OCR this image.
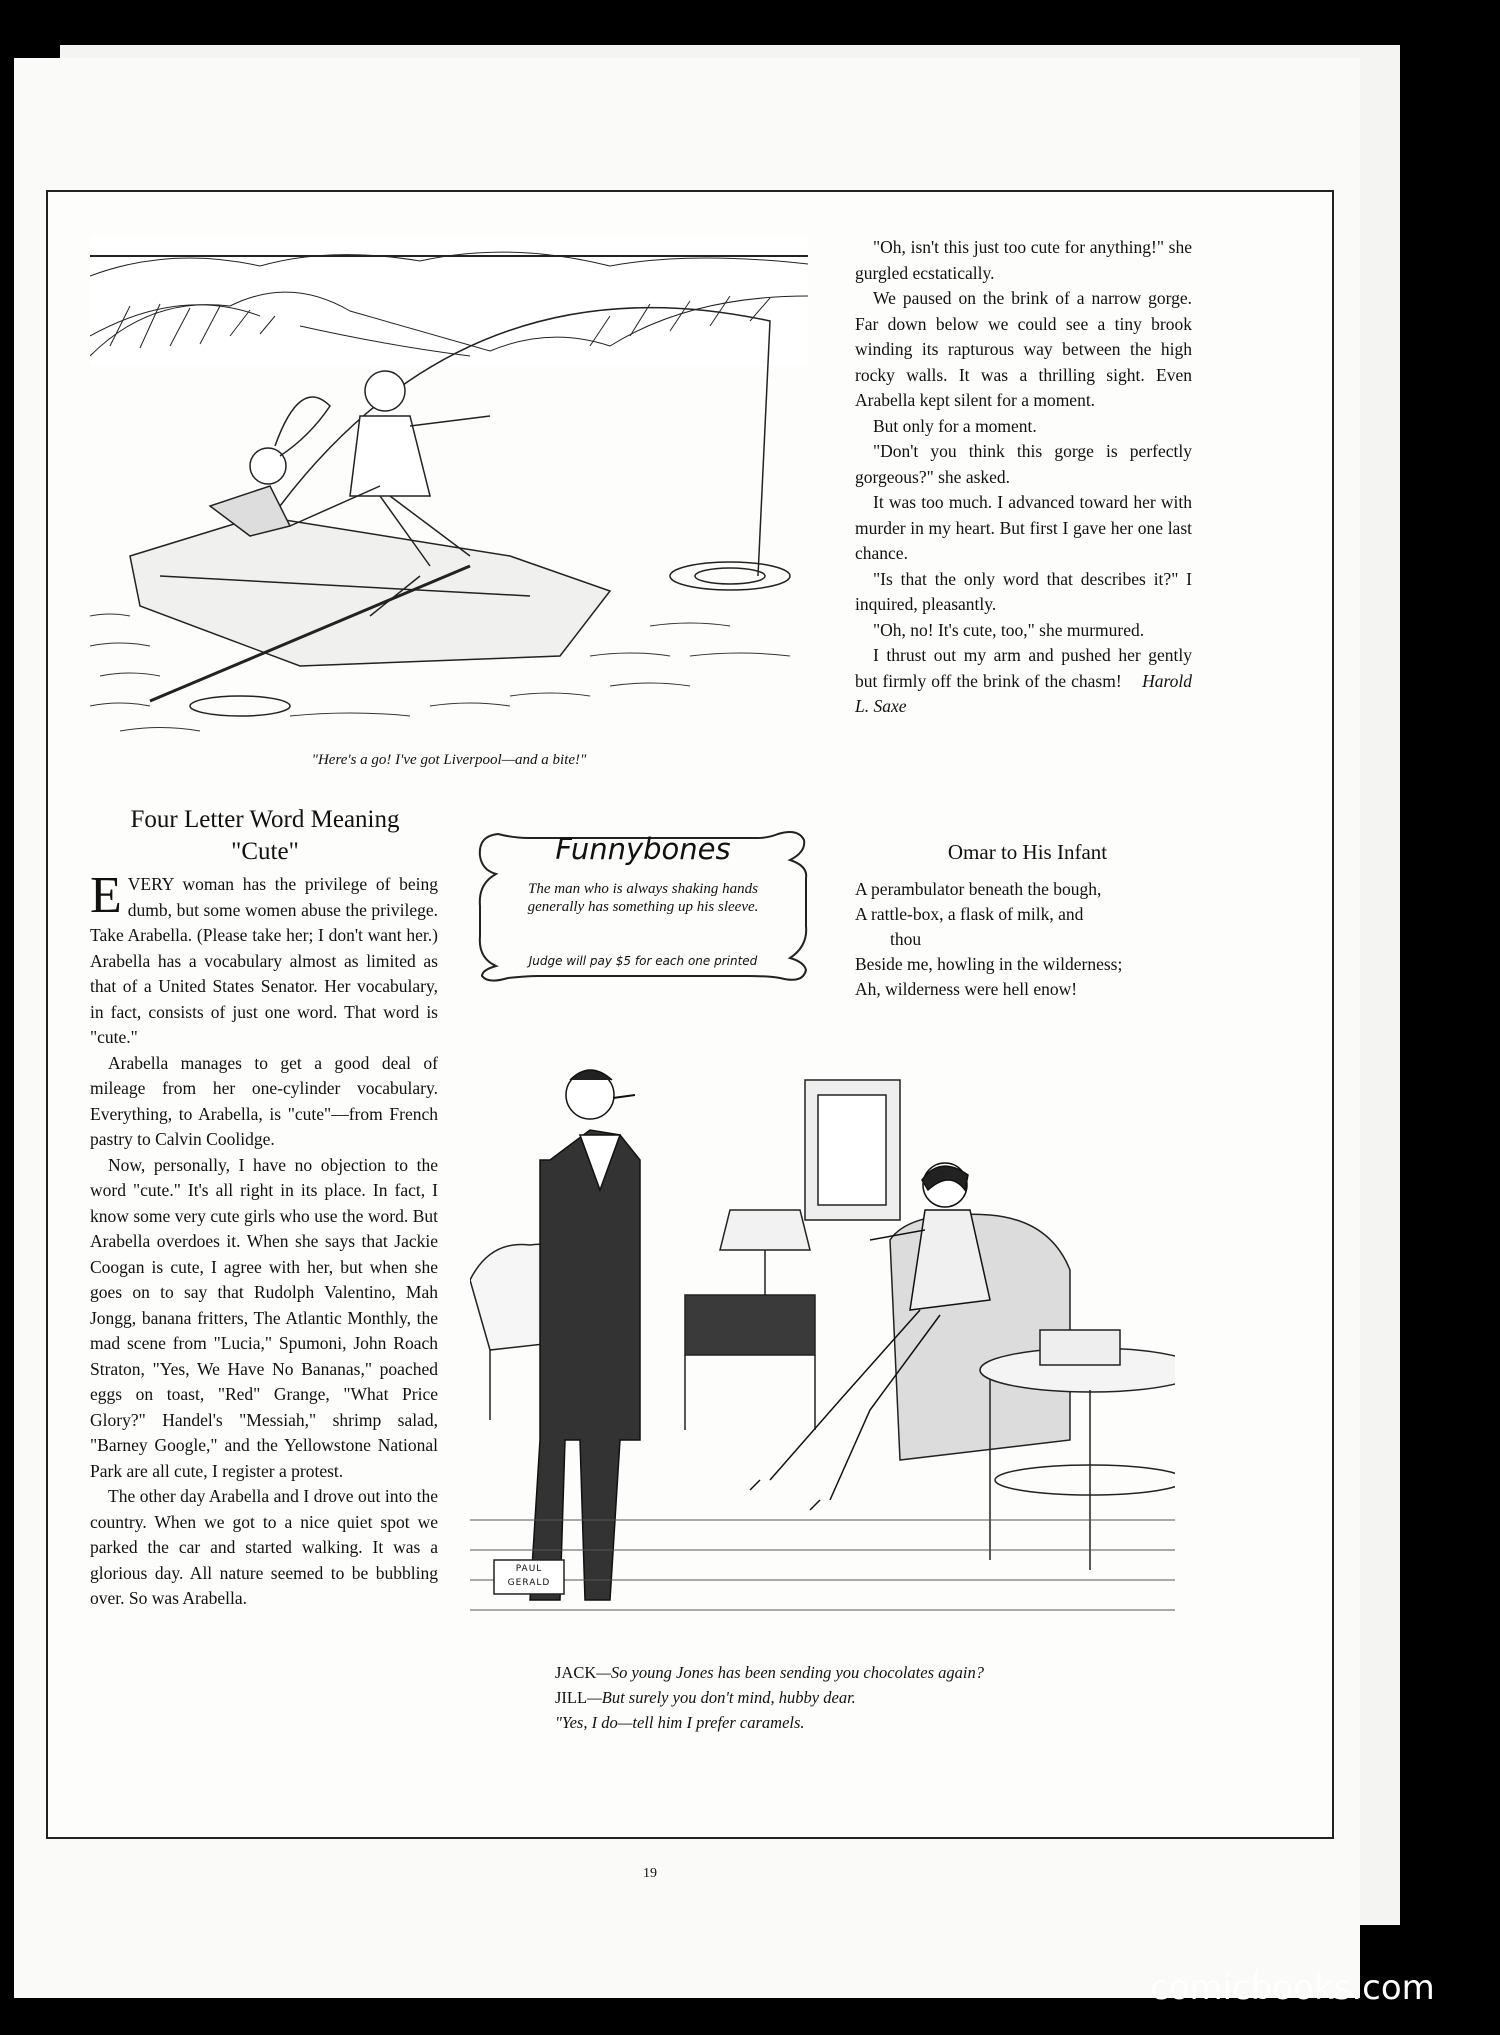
"Here's a go! I've got Liverpool—and a bite!"
Four Letter Word Meaning
"Cute"

EVERY woman has the privilege of being dumb, but some women abuse the privilege. Take Arabella. (Please take her; I don't want her.) Arabella has a vocabulary almost as limited as that of a United States Senator. Her vocabulary, in fact, consists of just one word. That word is "cute."

Arabella manages to get a good deal of mileage from her one-cylinder vocabulary. Everything, to Arabella, is "cute"—from French pastry to Calvin Coolidge.

Now, personally, I have no objection to the word "cute." It's all right in its place. In fact, I know some very cute girls who use the word. But Arabella overdoes it. When she says that Jackie Coogan is cute, I agree with her, but when she goes on to say that Rudolph Valentino, Mah Jongg, banana fritters, The Atlantic Monthly, the mad scene from "Lucia," Spumoni, John Roach Straton, "Yes, We Have No Bananas," poached eggs on toast, "Red" Grange, "What Price Glory?" Handel's "Messiah," shrimp salad, "Barney Google," and the Yellowstone National Park are all cute, I register a protest.

The other day Arabella and I drove out into the country. When we got to a nice quiet spot we parked the car and started walking. It was a glorious day. All nature seemed to be bubbling over. So was Arabella.

"Oh, isn't this just too cute for anything!" she gurgled ecstatically.

We paused on the brink of a narrow gorge. Far down below we could see a tiny brook winding its rapturous way between the high rocky walls. It was a thrilling sight. Even Arabella kept silent for a moment.

But only for a moment.

"Don't you think this gorge is perfectly gorgeous?" she asked.

It was too much. I advanced toward her with murder in my heart. But first I gave her one last chance.

"Is that the only word that describes it?" I inquired, pleasantly.

"Oh, no! It's cute, too," she murmured.

I thrust out my arm and pushed her gently but firmly off the brink of the chasm! Harold L. Saxe

Funnybones
The man who is always shaking hands generally has something up his sleeve.
Judge will pay $5 for each one printed
Omar to His Infant
A perambulator beneath the bough,
A rattle-box, a flask of milk, and
thou
Beside me, howling in the wilderness;
Ah, wilderness were hell enow!
PAUL GERALD
JACK—So young Jones has been sending you chocolates again?
JILL—But surely you don't mind, hubby dear.
"Yes, I do—tell him I prefer caramels.
19
comicbooks.com
